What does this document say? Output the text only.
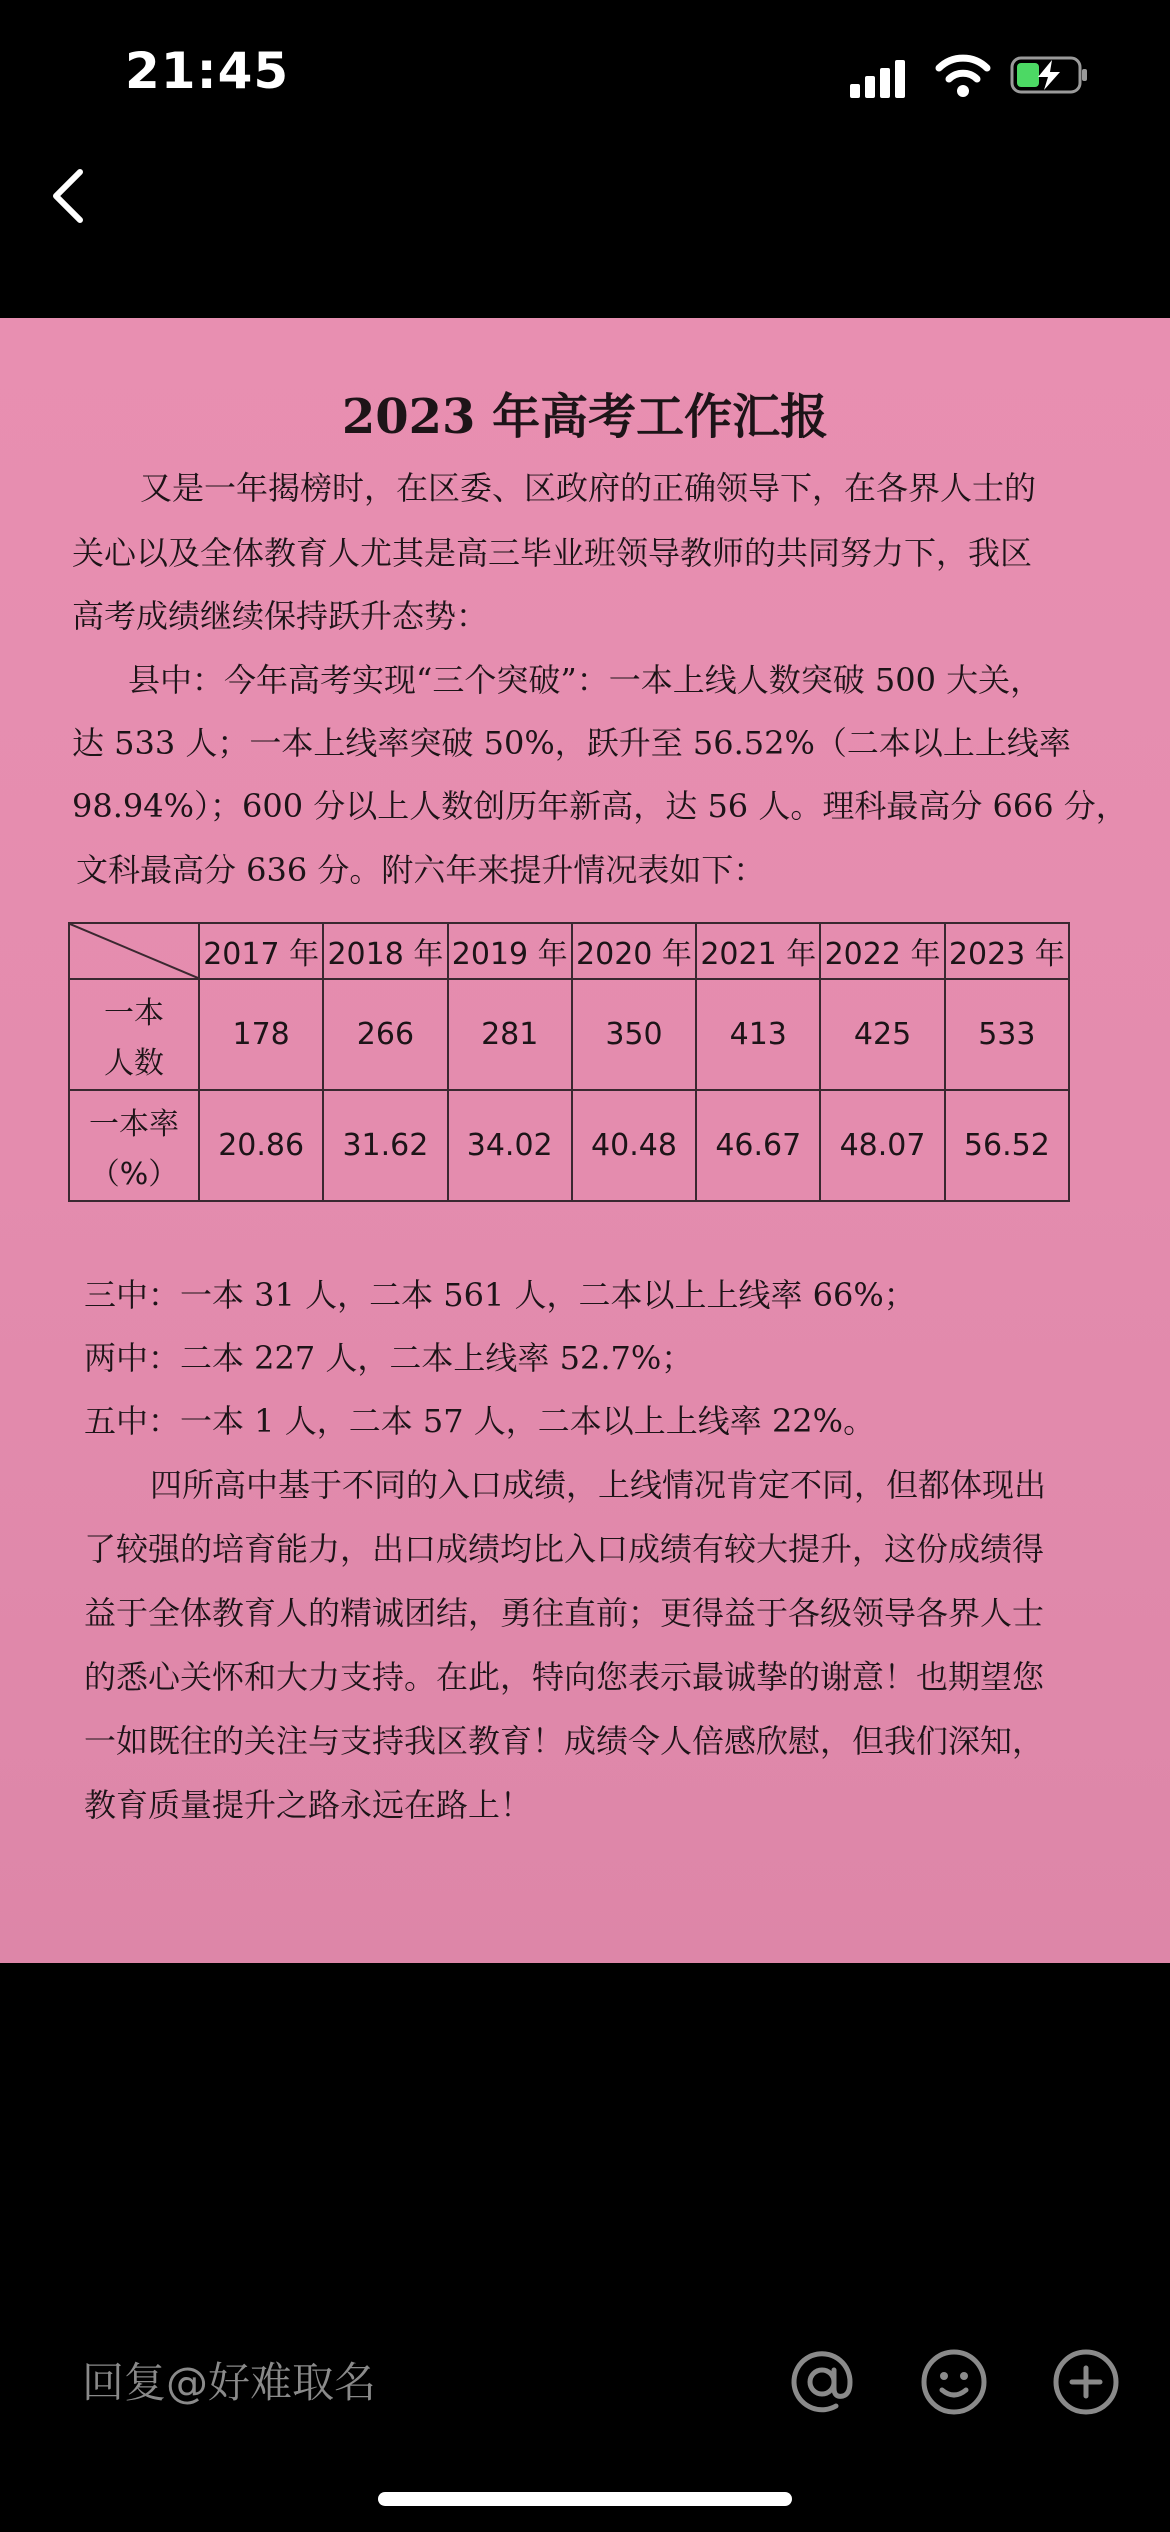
21:45
2023 年高考工作汇报
又是一年揭榜时，在区委、区政府的正确领导下，在各界人士的
关心以及全体教育人尤其是高三毕业班领导教师的共同努力下，我区
高考成绩继续保持跃升态势：
县中：今年高考实现“三个突破”：一本上线人数突破 500 大关，
达 533 人；一本上线率突破 50%，跃升至 56.52%（二本以上上线率
98.94%）；600 分以上人数创历年新高，达 56 人。理科最高分 666 分，
文科最高分 636 分。附六年来提升情况表如下：
	2017 年	2018 年	2019 年	2020 年	2021 年	2022 年	2023 年

一本
人数	178	266	281	350	413	425	533

一本率
（%）	20.86	31.62	34.02	40.48	46.67	48.07	56.52
三中：一本 31 人，二本 561 人，二本以上上线率 66%；
两中：二本 227 人，二本上线率 52.7%；
五中：一本 1 人，二本 57 人，二本以上上线率 22%。
四所高中基于不同的入口成绩，上线情况肯定不同，但都体现出
了较强的培育能力，出口成绩均比入口成绩有较大提升，这份成绩得
益于全体教育人的精诚团结，勇往直前；更得益于各级领导各界人士
的悉心关怀和大力支持。在此，特向您表示最诚挚的谢意！也期望您
一如既往的关注与支持我区教育！成绩令人倍感欣慰，但我们深知，
教育质量提升之路永远在路上！
回复@好难取名
